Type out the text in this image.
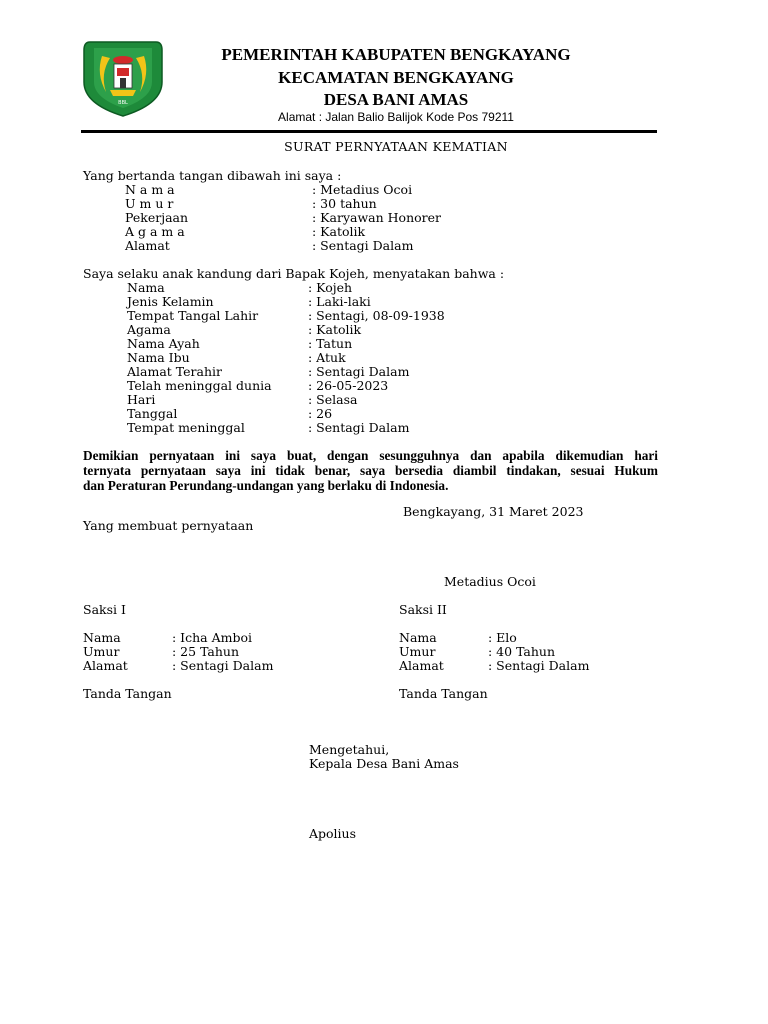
BBL
PEMERINTAH KABUPATEN BENGKAYANG
KECAMATAN BENGKAYANG
DESA BANI AMAS
Alamat : Jalan Balio Balijok Kode Pos 79211
SURAT PERNYATAAN KEMATIAN
Yang bertanda tangan dibawah ini saya :
N a m a	: Metadius Ocoi
U m u r	: 30 tahun
Pekerjaan	: Karyawan Honorer
A g a m a	: Katolik
Alamat	: Sentagi Dalam
Saya selaku anak kandung dari Bapak Kojeh, menyatakan bahwa :
Nama	: Kojeh
Jenis Kelamin	: Laki-laki
Tempat Tangal Lahir	: Sentagi, 08-09-1938
Agama	: Katolik
Nama Ayah	: Tatun
Nama Ibu	: Atuk
Alamat Terahir	: Sentagi Dalam
Telah meninggal dunia	: 26-05-2023
Hari	: Selasa
Tanggal	: 26
Tempat meninggal	: Sentagi Dalam
Demikian pernyataan ini saya buat, dengan sesungguhnya dan apabila dikemudian hari
ternyata pernyataan saya ini tidak benar, saya bersedia diambil tindakan, sesuai Hukum
dan Peraturan Perundang-undangan yang berlaku di Indonesia.
Bengkayang, 31 Maret 2023
Yang membuat pernyataan
Metadius Ocoi
Saksi I
Nama	: Icha Amboi
Umur	: 25 Tahun
Alamat	: Sentagi Dalam
Tanda Tangan
Saksi II
Nama	: Elo
Umur	: 40 Tahun
Alamat	: Sentagi Dalam
Tanda Tangan
Mengetahui,
Kepala Desa Bani Amas
Apolius
